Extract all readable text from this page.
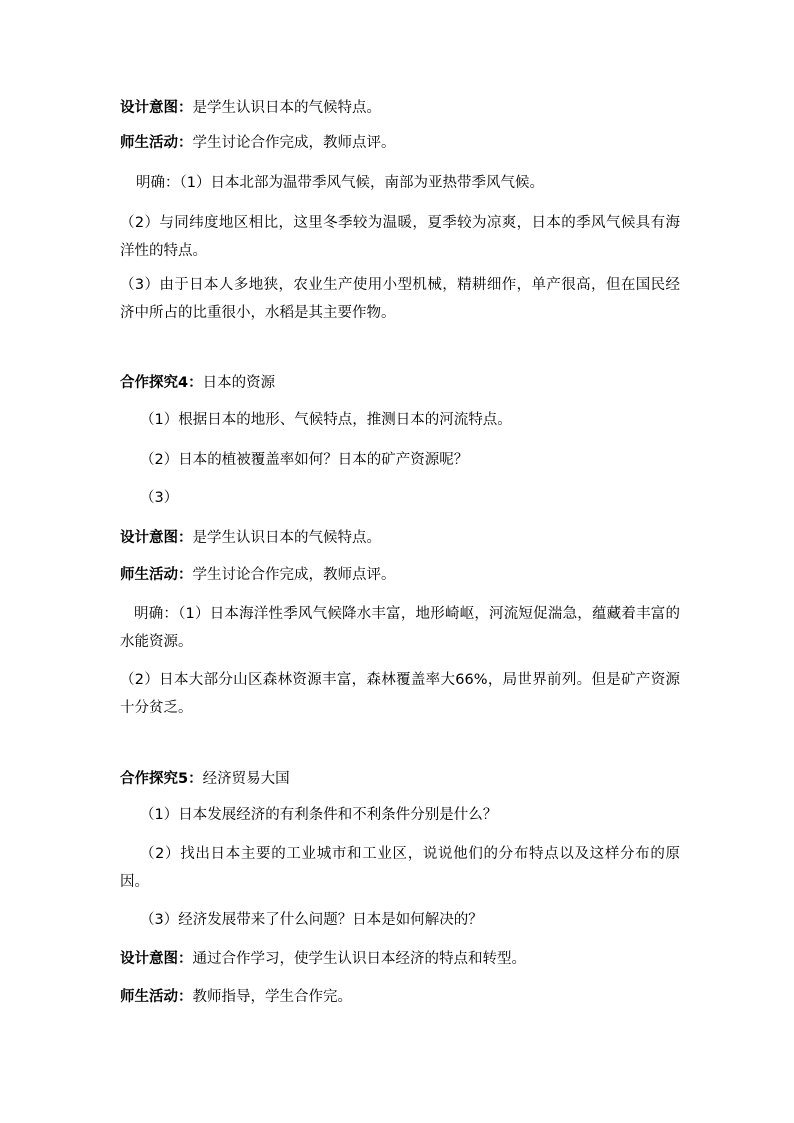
设计意图：是学生认识日本的气候特点。
师生活动：学生讨论合作完成，教师点评。
明确：（1）日本北部为温带季风气候，南部为亚热带季风气候。
（2）与同纬度地区相比，这里冬季较为温暖，夏季较为凉爽，日本的季风气候具有海洋性的特点。
（3）由于日本人多地狭，农业生产使用小型机械，精耕细作，单产很高，但在国民经济中所占的比重很小，水稻是其主要作物。
合作探究4：日本的资源
（1）根据日本的地形、气候特点，推测日本的河流特点。
（2）日本的植被覆盖率如何？日本的矿产资源呢？
（3）
设计意图：是学生认识日本的气候特点。
师生活动：学生讨论合作完成，教师点评。
明确：（1）日本海洋性季风气候降水丰富，地形崎岖，河流短促湍急，蕴藏着丰富的水能资源。
（2）日本大部分山区森林资源丰富，森林覆盖率大66%，局世界前列。但是矿产资源十分贫乏。
合作探究5：经济贸易大国
（1）日本发展经济的有利条件和不利条件分别是什么？
（2）找出日本主要的工业城市和工业区，说说他们的分布特点以及这样分布的原因。
（3）经济发展带来了什么问题？日本是如何解决的？
设计意图：通过合作学习，使学生认识日本经济的特点和转型。
师生活动：教师指导，学生合作完。
